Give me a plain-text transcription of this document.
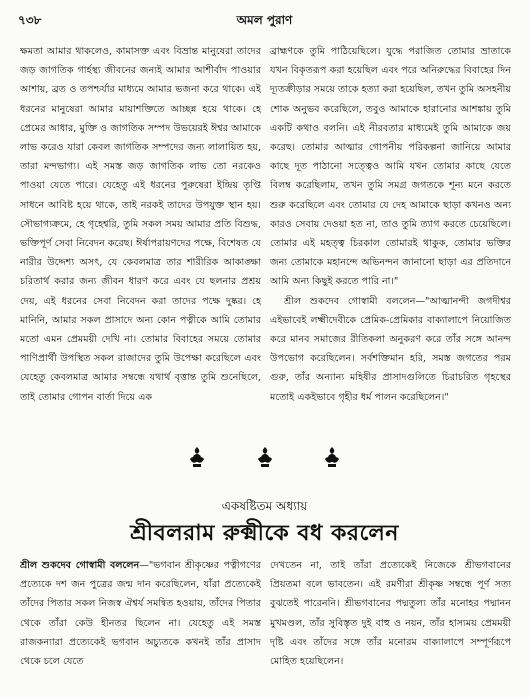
৭৩৮	অমল পুরাণ

ক্ষমতা আমার থাকলেও, কামাসক্ত এবং বিভ্রান্ত মানুষেরা তাদের জড় জাগতিক গার্হস্থ্য জীবনের জন্যই আমার আশীর্বাদ পাওয়ার আশায়, ব্রত ও তপশ্চর্যার মাধ্যমে আমার ভজনা করে থাকে। এই ধরনের মানুষেরা আমার মায়াশক্তিতে আচ্ছন্ন হয়ে থাকে। হে প্রেমের আধার, মুক্তি ও জাগতিক সম্পদ উভয়েরই ঈশ্বর আমাকে লাভ করেও যারা কেবল জাগতিক সম্পদের জন্য লালায়িত হয়, তারা মন্দভাগ্য। এই সমস্ত জড় জাগতিক লাভ তো নরকেও পাওয়া যেতে পারে। যেহেতু এই ধরনের পুরুষেরা ইন্দ্রিয় তৃপ্তি সাধনে আবিষ্ট হয়ে থাকে, তাই নরকই তাদের উপযুক্ত স্থান হয়। সৌভাগ্যক্রমে, হে গৃহেশ্বরি, তুমি সকল সময় আমার প্রতি বিশুদ্ধ, ভক্তিপূর্ণ সেবা নিবেদন করেছ। ঈর্ষাপরায়ণদের পক্ষে, বিশেষত যে নারীর উদ্দেশ্য অসৎ, যে কেবলমাত্র তার শারীরিক আকাঙ্ক্ষা চরিতার্থ করার জন্য জীবন ধারণ করে এবং যে ছলনার প্রশ্রয় দেয়, এই ধরনের সেবা নিবেদন করা তাদের পক্ষে দুষ্কর। হে মানিনি, আমার সকল প্রাসাদে অন্য কোন পত্নীকে আমি তোমার মতো এমন প্রেমময়ী দেখি না। তোমার বিবাহের সময়ে তোমার পাণিপ্রার্থী উপস্থিত সকল রাজাদের তুমি উপেক্ষা করেছিলে এবং যেহেতু কেবলমাত্র আমার সম্বন্ধে যথার্থ বৃত্তান্ত তুমি শুনেছিলে, তাই তোমার গোপন বার্তা দিয়ে এক

ব্রাহ্মণকে তুমি পাঠিয়েছিলে। যুদ্ধে পরাজিত তোমার ভ্রাতাকে যখন বিকৃতরূপ করা হয়েছিল এবং পরে অনিরুদ্ধের বিবাহের দিন দ্যূতক্রীড়ার সময়ে তাকে হত্যা করা হয়েছিল, তখন তুমি অসহনীয় শোক অনুভব করেছিলে, তবুও আমাকে হারানোর আশঙ্কায় তুমি একটি কথাও বলনি। এই নীরবতার মাধ্যমেই তুমি আমাকে জয় করেছ। তোমার আত্মার গোপনীয় পরিকল্পনা জানিয়ে আমার কাছে দূত পাঠানো সত্ত্বেও আমি যখন তোমার কাছে যেতে বিলম্ব করেছিলাম, তখন তুমি সমগ্র জগতকে শূন্য মনে করতে শুরু করেছিলে এবং তোমার যে দেহ আমাকে ছাড়া কখনও অন্য কারও সেবায় দেওয়া হত না, তাও তুমি ত্যাগ করতে চেয়েছিলে। তোমার এই মহত্ত্ব চিরকাল তোমারই থাকুক, তোমার ভক্তির জন্য তোমাকে মহানন্দে অভিনন্দন জানানো ছাড়া এর প্রতিদানে আমি অন্য কিছুই করতে পারি না।"

শ্রীল শুকদেব গোস্বামী বললেন—"আত্মানন্দী জগদীশ্বর এইভাবেই লক্ষ্মীদেবীকে প্রেমিক-প্রেমিকার বাক্যালাপে নিয়োজিত করে মানব সমাজের রীতিকলা অনুকরণ করে তাঁর সঙ্গে আনন্দ উপভোগ করেছিলেন। সর্বশক্তিমান হরি, সমস্ত জগতের পরম গুরু, তাঁর অন্যান্য মহিষীর প্রাসাদগুলিতে চিরাচরিত গৃহস্থের মতোই একইভাবে গৃহীর ধর্ম পালন করেছিলেন।"

একষষ্টিতম অধ্যায়
শ্রীবলরাম রুক্মীকে বধ করলেন

শ্রীল শুকদেব গোস্বামী বললেন—"ভগবান শ্রীকৃষ্ণের পত্নীগণের প্রত্যেকে দশ জন পুত্রের জন্ম দান করেছিলেন, যাঁরা প্রত্যেকেই তাঁদের পিতার সকল নিজস্ব ঐশ্বর্য সমন্বিত হওয়ায়, তাঁদের পিতার থেকে তাঁরা কেউ হীনতর ছিলেন না। যেহেতু এই সমস্ত রাজকন্যারা প্রত্যেকেই ভগবান অচ্যুতকে কখনই তাঁর প্রাসাদ থেকে চলে যেতে

দেখতেন না, তাই তাঁরা প্রত্যেকেই নিজেকে শ্রীভগবানের প্রিয়তমা বলে ভাবতেন। এই রমণীরা শ্রীকৃষ্ণ সম্বন্ধে পূর্ণ সত্য বুঝতেই পারেননি। শ্রীভগবানের পদ্মতুল্য তাঁর মনোহর পদ্মানন মুখমণ্ডল, তাঁর সুবিস্তৃত দুই বাহু ও নয়ন, তাঁর হাস্যময় প্রেমময়ী দৃষ্টি এবং তাঁদের সঙ্গে তাঁর মনোরম বাক্যালাপে সম্পূর্ণরূপে মোহিত হয়েছিলেন।
